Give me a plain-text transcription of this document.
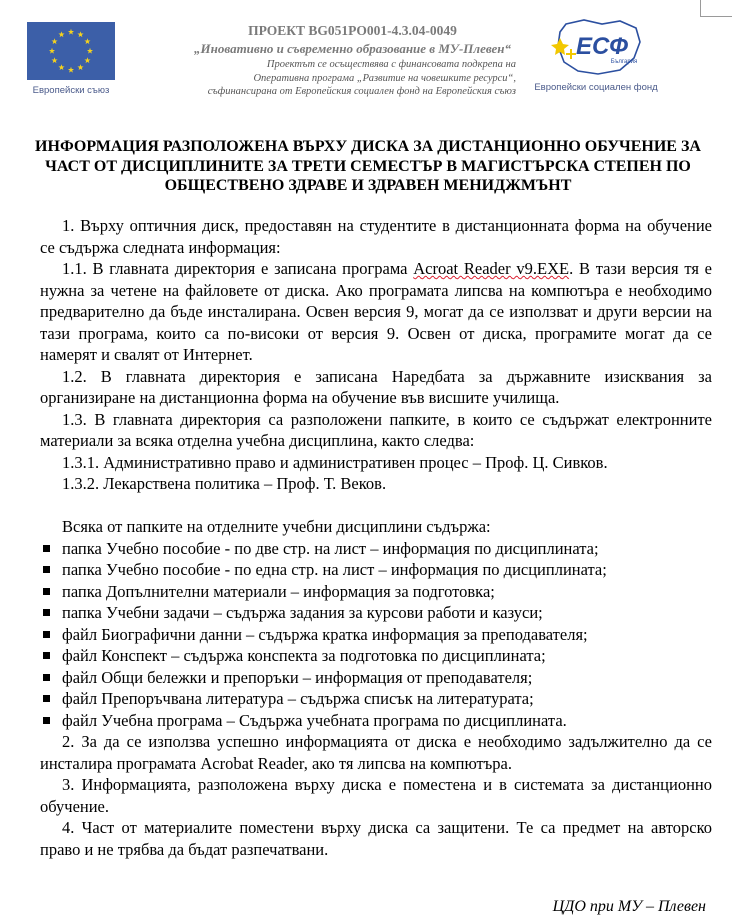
Европейски съюз
ПРОЕКТ BG051PO001-4.3.04-0049
„Иновативно и съвременно образование в МУ-Плевен“
Проектът се осъществява с финансовата подкрепа на
Оперативна програма „Развитие на човешките ресурси“,
съфинансирана от Европейския социален фонд на Европейския съюз
ЕСФ
България
Европейски социален фонд
ИНФОРМАЦИЯ РАЗПОЛОЖЕНА ВЪРХУ ДИСКА ЗА ДИСТАНЦИОННО ОБУЧЕНИЕ ЗА
ЧАСТ ОТ ДИСЦИПЛИНИТЕ ЗА ТРЕТИ СЕМЕСТЪР В МАГИСТЪРСКА СТЕПЕН ПО
ОБЩЕСТВЕНО ЗДРАВЕ И ЗДРАВЕН МЕНИДЖМЪНТ

1. Върху оптичния диск, предоставян на студентите в дистанционната форма на обучение се съдържа следната информация:

1.1. В главната директория е записана програма Acroat Reader v9.EXE. В тази версия тя е нужна за четене на файловете от диска. Ако програмата липсва на компютъра е необходимо предварително да бъде инсталирана. Освен версия 9, могат да се използват и други версии на тази програма, които са по-високи от версия 9. Освен от диска, програмите могат да се намерят и свалят от Интернет.

1.2. В главната директория е записана Наредбата за държавните изисквания за организиране на дистанционна форма на обучение във висшите училища.

1.3. В главната директория са разположени папките, в които се съдържат електронните материали за всяка отделна учебна дисциплина, както следва:

1.3.1. Административно право и административен процес – Проф. Ц. Сивков.

1.3.2. Лекарствена политика – Проф. Т. Веков.

Всяка от папките на отделните учебни дисциплини съдържа:

папка Учебно пособие - по две стр. на лист – информация по дисциплината;
папка Учебно пособие - по една стр. на лист – информация по дисциплината;
папка Допълнителни материали – информация за подготовка;
папка Учебни задачи – съдържа задания за курсови работи и казуси;
файл Биографични данни – съдържа кратка информация за преподавателя;
файл Конспект – съдържа конспекта за подготовка по дисциплината;
файл Общи бележки и препоръки – информация от преподавателя;
файл Препоръчвана литература – съдържа списък на литературата;
файл Учебна програма – Съдържа учебната програма по дисциплината.

2. За да се използва успешно информацията от диска е необходимо задължително да се инсталира програмата Acrobat Reader, ако тя липсва на компютъра.

3. Информацията, разположена върху диска е поместена и в системата за дистанционно обучение.

4. Част от материалите поместени върху диска са защитени. Те са предмет на авторско право и не трябва да бъдат разпечатвани.

ЦДО при МУ – Плевен
